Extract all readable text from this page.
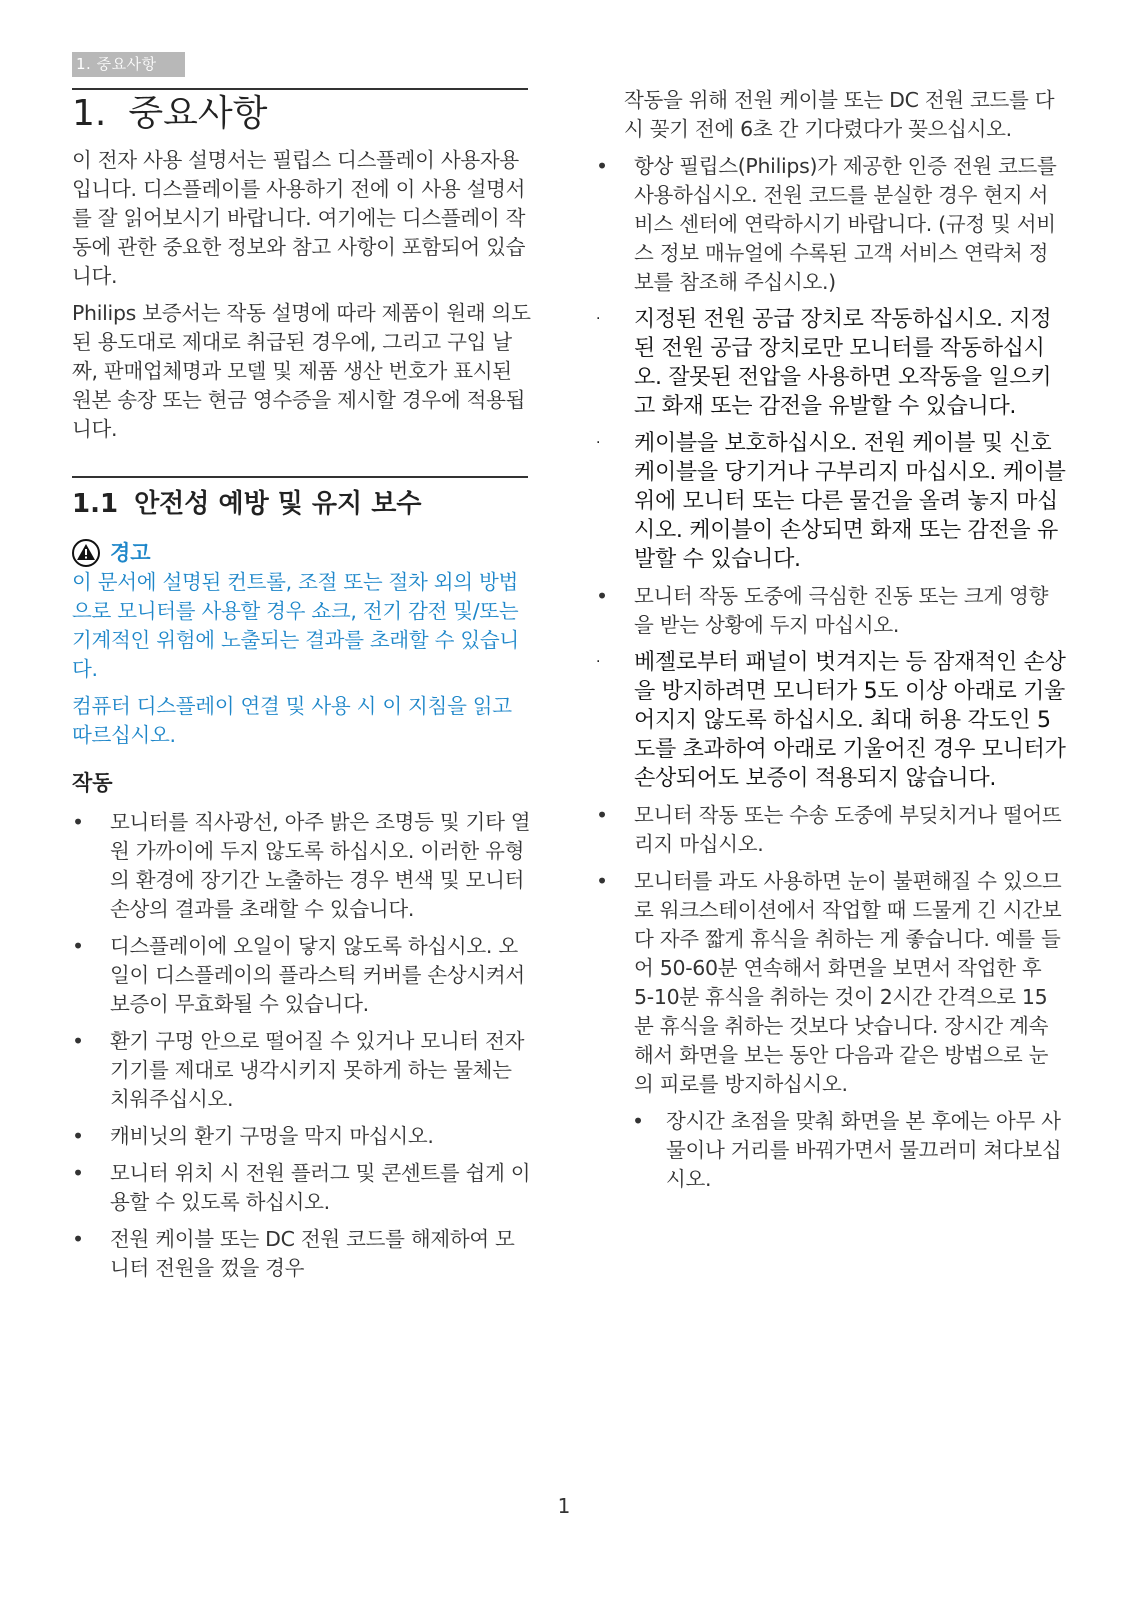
1. 중요사항
1. 중요사항

이 전자 사용 설명서는 필립스 디스플레이 사용자용입니다. 디스플레이를 사용하기 전에 이 사용 설명서를 잘 읽어보시기 바랍니다. 여기에는 디스플레이 작동에 관한 중요한 정보와 참고 사항이 포함되어 있습니다.

Philips 보증서는 작동 설명에 따라 제품이 원래 의도된 용도대로 제대로 취급된 경우에, 그리고 구입 날짜, 판매업체명과 모델 및 제품 생산 번호가 표시된 원본 송장 또는 현금 영수증을 제시할 경우에 적용됩니다.

1.1 안전성 예방 및 유지 보수
경고

이 문서에 설명된 컨트롤, 조절 또는 절차 외의 방법으로 모니터를 사용할 경우 쇼크, 전기 감전 및/또는 기계적인 위험에 노출되는 결과를 초래할 수 있습니다.

컴퓨터 디스플레이 연결 및 사용 시 이 지침을 읽고 따르십시오.

작동
•	모니터를 직사광선, 아주 밝은 조명등 및 기타 열원 가까이에 두지 않도록 하십시오. 이러한 유형의 환경에 장기간 노출하는 경우 변색 및 모니터 손상의 결과를 초래할 수 있습니다.
•	디스플레이에 오일이 닿지 않도록 하십시오. 오일이 디스플레이의 플라스틱 커버를 손상시켜서 보증이 무효화될 수 있습니다.
•	환기 구멍 안으로 떨어질 수 있거나 모니터 전자기기를 제대로 냉각시키지 못하게 하는 물체는 치워주십시오.
•	캐비닛의 환기 구멍을 막지 마십시오.
•	모니터 위치 시 전원 플러그 및 콘센트를 쉽게 이용할 수 있도록 하십시오.
•	전원 케이블 또는 DC 전원 코드를 해제하여 모니터 전원을 껐을 경우
작동을 위해 전원 케이블 또는 DC 전원 코드를 다시 꽂기 전에 6초 간 기다렸다가 꽂으십시오.
•	항상 필립스(Philips)가 제공한 인증 전원 코드를 사용하십시오. 전원 코드를 분실한 경우 현지 서비스 센터에 연락하시기 바랍니다. (규정 및 서비스 정보 매뉴얼에 수록된 고객 서비스 연락처 정보를 참조해 주십시오.)
·	지정된 전원 공급 장치로 작동하십시오. 지정된 전원 공급 장치로만 모니터를 작동하십시오. 잘못된 전압을 사용하면 오작동을 일으키고 화재 또는 감전을 유발할 수 있습니다.
·	케이블을 보호하십시오. 전원 케이블 및 신호 케이블을 당기거나 구부리지 마십시오. 케이블 위에 모니터 또는 다른 물건을 올려 놓지 마십시오. 케이블이 손상되면 화재 또는 감전을 유발할 수 있습니다.
•	모니터 작동 도중에 극심한 진동 또는 크게 영향을 받는 상황에 두지 마십시오.
·	베젤로부터 패널이 벗겨지는 등 잠재적인 손상을 방지하려면 모니터가 5도 이상 아래로 기울어지지 않도록 하십시오. 최대 허용 각도인 5도를 초과하여 아래로 기울어진 경우 모니터가 손상되어도 보증이 적용되지 않습니다.
•	모니터 작동 또는 수송 도중에 부딪치거나 떨어뜨리지 마십시오.
•	모니터를 과도 사용하면 눈이 불편해질 수 있으므로 워크스테이션에서 작업할 때 드물게 긴 시간보다 자주 짧게 휴식을 취하는 게 좋습니다. 예를 들어 50-60분 연속해서 화면을 보면서 작업한 후 5-10분 휴식을 취하는 것이 2시간 간격으로 15분 휴식을 취하는 것보다 낫습니다. 장시간 계속해서 화면을 보는 동안 다음과 같은 방법으로 눈의 피로를 방지하십시오.
• 장시간 초점을 맞춰 화면을 본 후에는 아무 사물이나 거리를 바꿔가면서 물끄러미 쳐다보십시오.
1
